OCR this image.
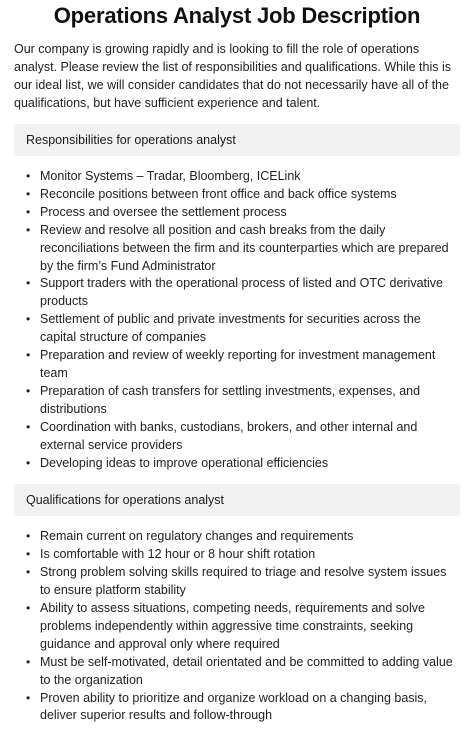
Operations Analyst Job Description

Our company is growing rapidly and is looking to fill the role of operations analyst. Please review the list of responsibilities and qualifications. While this is our ideal list, we will consider candidates that do not necessarily have all of the qualifications, but have sufficient experience and talent.

Responsibilities for operations analyst
• Monitor Systems – Tradar, Bloomberg, ICELink
• Reconcile positions between front office and back office systems
• Process and oversee the settlement process
• Review and resolve all position and cash breaks from the daily reconciliations between the firm and its counterparties which are prepared by the firm’s Fund Administrator
• Support traders with the operational process of listed and OTC derivative products
• Settlement of public and private investments for securities across the capital structure of companies
• Preparation and review of weekly reporting for investment management team
• Preparation of cash transfers for settling investments, expenses, and distributions
• Coordination with banks, custodians, brokers, and other internal and external service providers
• Developing ideas to improve operational efficiencies
Qualifications for operations analyst
• Remain current on regulatory changes and requirements
• Is comfortable with 12 hour or 8 hour shift rotation
• Strong problem solving skills required to triage and resolve system issues to ensure platform stability
• Ability to assess situations, competing needs, requirements and solve problems independently within aggressive time constraints, seeking guidance and approval only where required
• Must be self-motivated, detail orientated and be committed to adding value to the organization
• Proven ability to prioritize and organize workload on a changing basis, deliver superior results and follow-through
